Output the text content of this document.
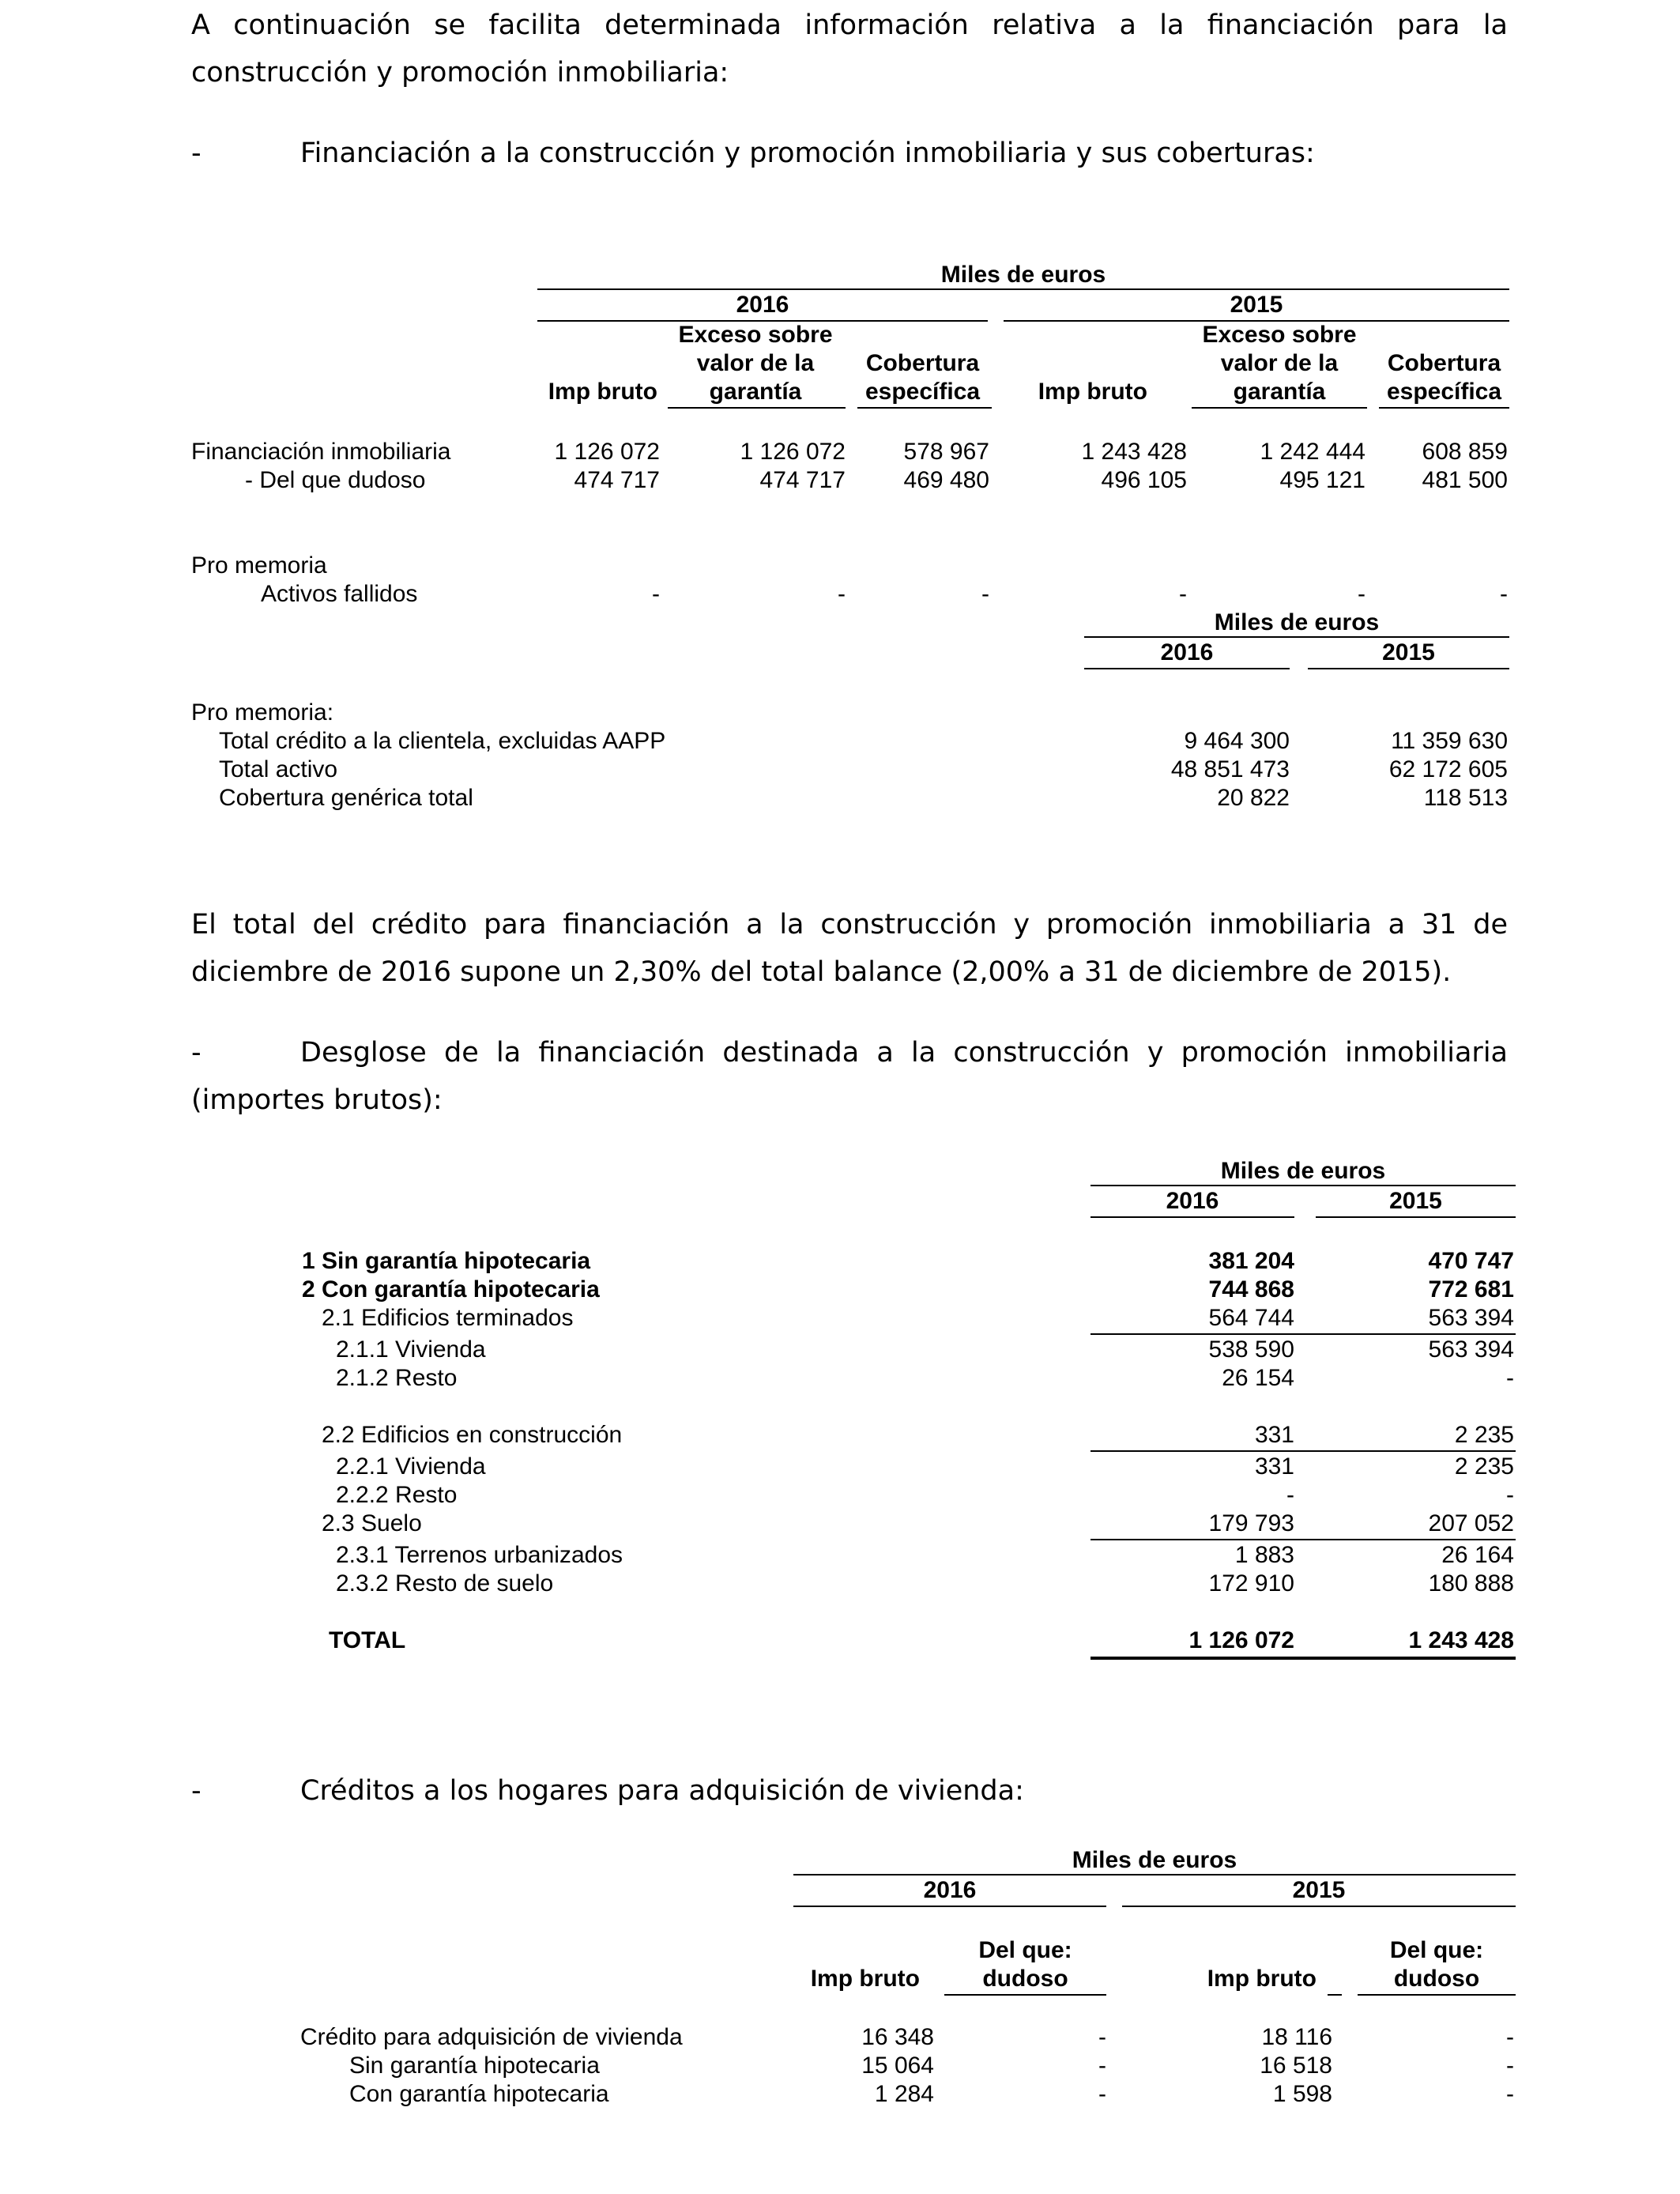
A continuación se facilita determinada información relativa a la financiación para la construcción y promoción inmobiliaria:
-	Financiación a la construcción y promoción inmobiliaria y sus coberturas:
Miles de euros
2016	2015
Imp bruto
Exceso sobre
valor de la
garantía
Cobertura
específica	Imp bruto
Exceso sobre
valor de la
garantía
Cobertura
específica
Financiación inmobiliaria	1 126 072	1 126 072	578 967	1 243 428	1 242 444	608 859
- Del que dudoso	474 717	474 717	469 480	496 105	495 121	481 500
Pro memoria
Activos fallidos	-	-	-	-	-	-
Miles de euros
2016	2015
Pro memoria:
Total crédito a la clientela, excluidas AAPP	9 464 300	11 359 630
Total activo	48 851 473	62 172 605
Cobertura genérica total	20 822	118 513
El total del crédito para financiación a la construcción y promoción inmobiliaria a 31 de diciembre de 2016 supone un 2,30% del total balance (2,00% a 31 de diciembre de 2015).
-	Desglose de la financiación destinada a la construcción y promoción inmobiliaria (importes brutos):
Miles de euros
2016	2015
1 Sin garantía hipotecaria	381 204	470 747
2 Con garantía hipotecaria	744 868	772 681
2.1 Edificios terminados	564 744	563 394
2.1.1 Vivienda	538 590	563 394
2.1.2 Resto	26 154	-
2.2 Edificios en construcción	331	2 235
2.2.1 Vivienda	331	2 235
2.2.2 Resto	-	-
2.3 Suelo	179 793	207 052
2.3.1 Terrenos urbanizados	1 883	26 164
2.3.2 Resto de suelo	172 910	180 888
TOTAL	1 126 072	1 243 428
-	Créditos a los hogares para adquisición de vivienda:
Miles de euros
2016	2015
Imp bruto
Del que:
dudoso	Imp bruto
Del que:
dudoso
Crédito para adquisición de vivienda	16 348	-	18 116	-
Sin garantía hipotecaria	15 064	-	16 518	-
Con garantía hipotecaria	1 284	-	1 598	-
